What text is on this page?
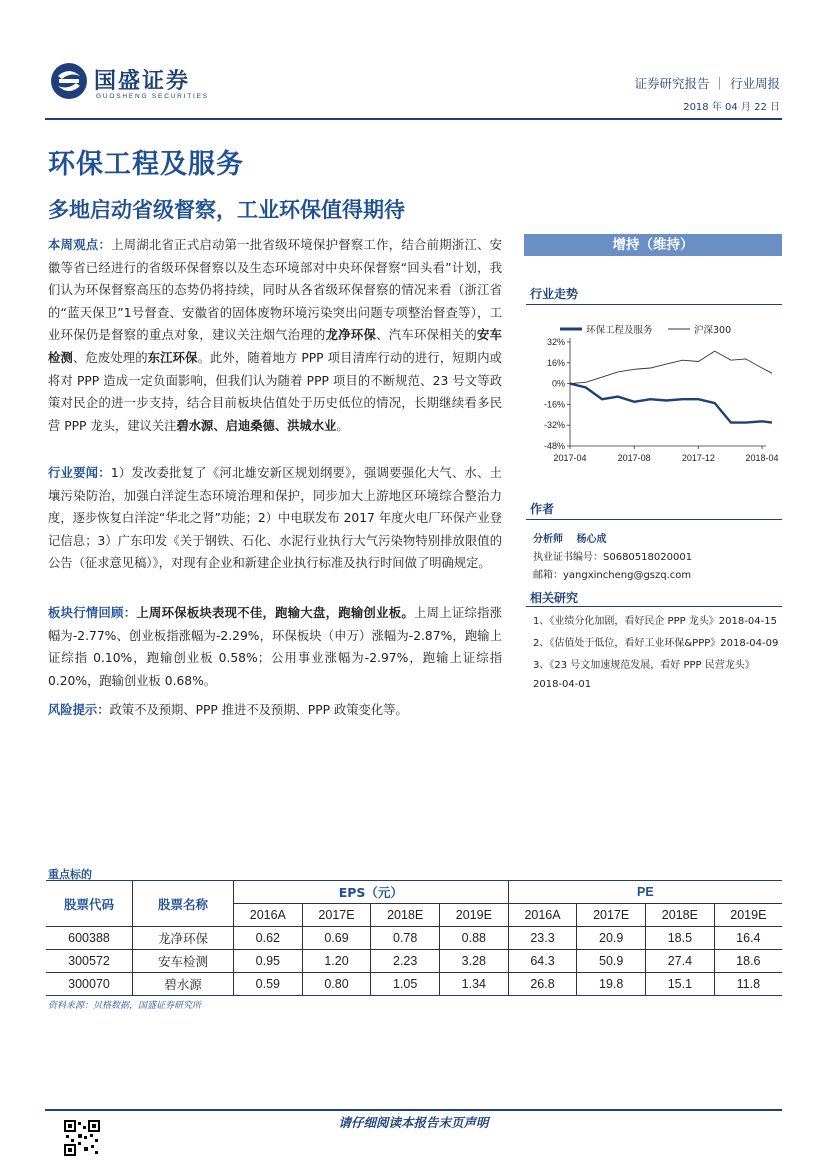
国盛证券
GUOSHENG SECURITIES
证券研究报告 ｜ 行业周报
2018 年 04 月 22 日
环保工程及服务
多地启动省级督察，工业环保值得期待
本周观点：上周湖北省正式启动第一批省级环境保护督察工作，结合前期浙江、安徽等省已经进行的省级环保督察以及生态环境部对中央环保督察“回头看”计划，我们认为环保督察高压的态势仍将持续，同时从各省级环保督察的情况来看（浙江省的“蓝天保卫”1号督查、安徽省的固体废物环境污染突出问题专项整治督查等），工业环保仍是督察的重点对象，建议关注烟气治理的龙净环保、汽车环保相关的安车检测、危废处理的东江环保。此外，随着地方 PPP 项目清库行动的进行，短期内或将对 PPP 造成一定负面影响，但我们认为随着 PPP 项目的不断规范、23 号文等政策对民企的进一步支持，结合目前板块估值处于历史低位的情况，长期继续看多民营 PPP 龙头，建议关注碧水源、启迪桑德、洪城水业。
行业要闻：1）发改委批复了《河北雄安新区规划纲要》，强调要强化大气、水、土壤污染防治，加强白洋淀生态环境治理和保护，同步加大上游地区环境综合整治力度，逐步恢复白洋淀“华北之肾”功能；2）中电联发布 2017 年度火电厂环保产业登记信息；3）广东印发《关于钢铁、石化、水泥行业执行大气污染物特别排放限值的公告（征求意见稿）》，对现有企业和新建企业执行标准及执行时间做了明确规定。
板块行情回顾：上周环保板块表现不佳，跑输大盘，跑输创业板。上周上证综指涨幅为-2.77%、创业板指涨幅为-2.29%，环保板块（申万）涨幅为-2.87%，跑输上证综指 0.10%，跑输创业板 0.58%；公用事业涨幅为-2.97%，跑输上证综指 0.20%，跑输创业板 0.68%。
风险提示：政策不及预期、PPP 推进不及预期、PPP 政策变化等。
增持（维持）
行业走势
环保工程及服务	沪深300
32%
16%
0%
-16%
-32%
-48%
2017-04	2017-08	2017-12	2018-04
作者
分析师　 杨心成
执业证书编号：S0680518020001
邮箱：yangxincheng@gszq.com
相关研究
1、《业绩分化加剧，看好民企 PPP 龙头》2018-04-15
2、《估值处于低位，看好工业环保&PPP》2018-04-09
3、《23 号文加速规范发展，看好 PPP 民营龙头》
2018-04-01
重点标的
股票代码	股票名称	EPS（元）				PE			
		2016A	2017E	2018E	2019E	2016A	2017E	2018E	2019E
600388	龙净环保	0.62	0.69	0.78	0.88	23.3	20.9	18.5	16.4
300572	安车检测	0.95	1.20	2.23	3.28	64.3	50.9	27.4	18.6
300070	碧水源	0.59	0.80	1.05	1.34	26.8	19.8	15.1	11.8
资料来源：贝格数据，国盛证券研究所
请仔细阅读本报告末页声明
